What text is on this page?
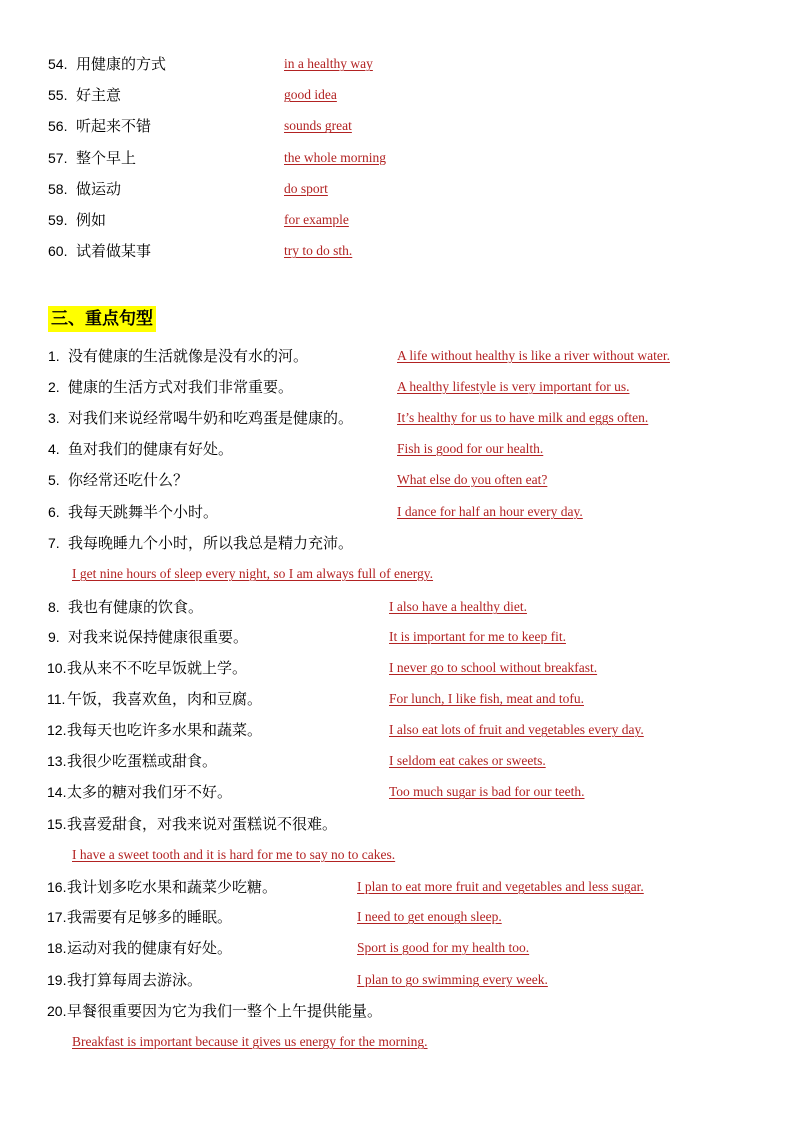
54. 用健康的方式	in a healthy way
55. 好主意	good idea
56. 听起来不错	sounds great
57. 整个早上	the whole morning
58. 做运动	do sport
59. 例如	for example
60. 试着做某事	try to do sth.
1. 没有健康的生活就像是没有水的河。	A life without healthy is like a river without water.
2. 健康的生活方式对我们非常重要。	A healthy lifestyle is very important for us.
3. 对我们来说经常喝牛奶和吃鸡蛋是健康的。	It’s healthy for us to have milk and eggs often.
4. 鱼对我们的健康有好处。	Fish is good for our health.
5. 你经常还吃什么？	What else do you often eat?
6. 我每天跳舞半个小时。	I dance for half an hour every day.
7. 我每晚睡九个小时，所以我总是精力充沛。
I get nine hours of sleep every night, so I am always full of energy.
8. 我也有健康的饮食。	I also have a healthy diet.
9. 对我来说保持健康很重要。	It is important for me to keep fit.
10. 我从来不不吃早饭就上学。	I never go to school without breakfast.
11. 午饭，我喜欢鱼，肉和豆腐。	For lunch, I like fish, meat and tofu.
12. 我每天也吃许多水果和蔬菜。	I also eat lots of fruit and vegetables every day.
13. 我很少吃蛋糕或甜食。	I seldom eat cakes or sweets.
14. 太多的糖对我们牙不好。	Too much sugar is bad for our teeth.
15. 我喜爱甜食，对我来说对蛋糕说不很难。
I have a sweet tooth and it is hard for me to say no to cakes.
16. 我计划多吃水果和蔬菜少吃糖。	I plan to eat more fruit and vegetables and less sugar.
17. 我需要有足够多的睡眠。	I need to get enough sleep.
18. 运动对我的健康有好处。	Sport is good for my health too.
19. 我打算每周去游泳。	I plan to go swimming every week.
20. 早餐很重要因为它为我们一整个上午提供能量。
Breakfast is important because it gives us energy for the morning.
三、重点句型
